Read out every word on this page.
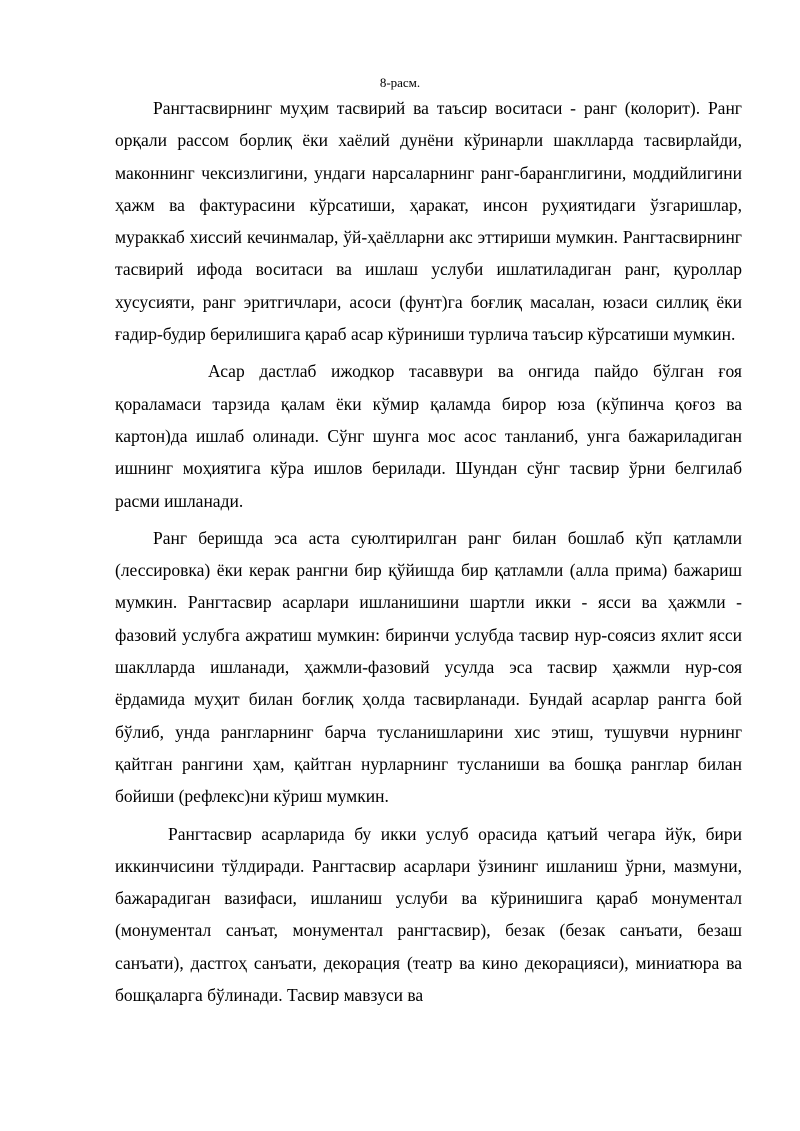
8-расм.

Рангтасвирнинг муҳим тасвирий ва таъсир воситаси - ранг (колорит). Ранг орқали рассом борлиқ ёки хаёлий дунёни кўринарли шаклларда тасвирлайди, маконнинг чексизлигини, ундаги нарсаларнинг ранг-баранглигини, моддийлигини ҳажм ва фактурасини кўрсатиши, ҳаракат, инсон руҳиятидаги ўзгаришлар, мураккаб хиссий кечинмалар, ўй-ҳаёлларни акс эттириши мумкин. Рангтасвирнинг тасвирий ифода воситаси ва ишлаш услуби ишлатиладиган ранг, қуроллар хусусияти, ранг эритгичлари, асоси (фунт)га боғлиқ масалан, юзаси силлиқ ёки ғадир-будир берилишига қараб асар кўриниши турлича таъсир кўрсатиши мумкин.

Асар дастлаб ижодкор тасаввури ва онгида пайдо бўлган ғоя қораламаси тарзида қалам ёки кўмир қаламда бирор юза (кўпинча қоғоз ва картон)да ишлаб олинади. Сўнг шунга мос асос танланиб, унга бажариладиган ишнинг моҳиятига кўра ишлов берилади. Шундан сўнг тасвир ўрни белгилаб расми ишланади.

Ранг беришда эса аста суюлтирилган ранг билан бошлаб кўп қатламли (лессировка) ёки керак рангни бир қўйишда бир қатламли (алла прима) бажариш мумкин. Рангтасвир асарлари ишланишини шартли икки - ясси ва ҳажмли - фазовий услубга ажратиш мумкин: биринчи услубда тасвир нур-соясиз яхлит ясси шаклларда ишланади, ҳажмли-фазовий усулда эса тасвир ҳажмли нур-соя ёрдамида муҳит билан боғлиқ ҳолда тасвирланади. Бундай асарлар рангга бой бўлиб, унда рангларнинг барча тусланишларини хис этиш, тушувчи нурнинг қайтган рангини ҳам, қайтган нурларнинг тусланиши ва бошқа ранглар билан бойиши (рефлекс)ни кўриш мумкин.

Рангтасвир асарларида бу икки услуб орасида қатъий чегара йўк, бири иккинчисини тўлдиради. Рангтасвир асарлари ўзининг ишланиш ўрни, мазмуни, бажарадиган вазифаси, ишланиш услуби ва кўринишига қараб монументал (монументал санъат, монументал рангтасвир), безак (безак санъати, безаш санъати), дастгоҳ санъати, декорация (театр ва кино декорацияси), миниатюра ва бошқаларга бўлинади. Тасвир мавзуси ва
